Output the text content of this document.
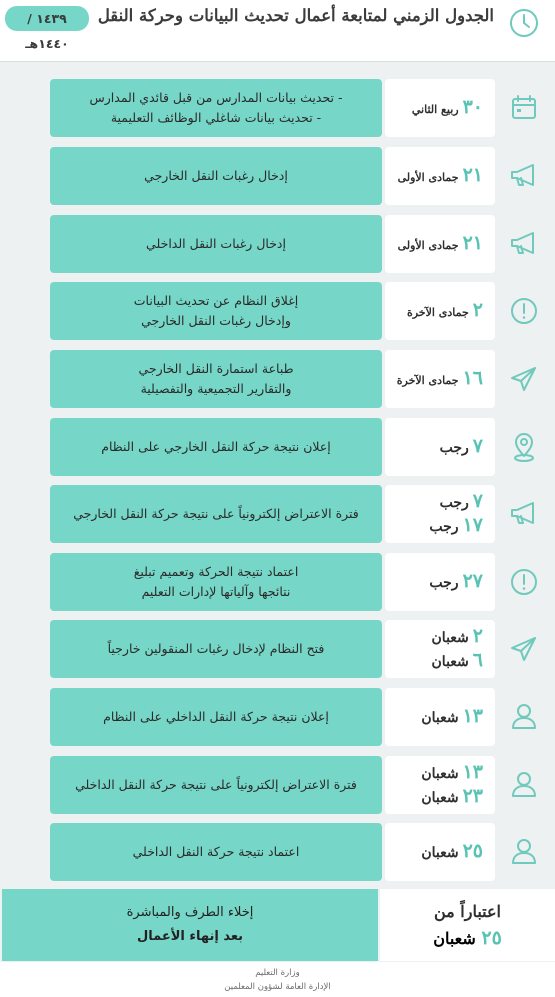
الجدول الزمني لمتابعة أعمال تحديث البيانات وحركة النقل
١٤٣٩ / ١٤٤٠هـ
٣٠ربيع الثاني
- تحديث بيانات المدارس من قبل قائدي المدارس
- تحديث بيانات شاغلي الوظائف التعليمية
٢١جمادى الأولى
إدخال رغبات النقل الخارجي
٢١جمادى الأولى
إدخال رغبات النقل الداخلي
٢جمادى الآخرة
إغلاق النظام عن تحديث البيانات
وإدخال رغبات النقل الخارجي
١٦جمادى الآخرة
طباعة استمارة النقل الخارجي
والتقارير التجميعية والتفصيلية
٧رجب
إعلان نتيجة حركة النقل الخارجي على النظام
٧رجب
١٧رجب
فترة الاعتراض إلكترونياً على نتيجة حركة النقل الخارجي
٢٧رجب
اعتماد نتيجة الحركة وتعميم تبليغ
نتائجها وآلياتها لإدارات التعليم
٢شعبان
٦شعبان
فتح النظام لإدخال رغبات المنقولين خارجياً
١٣شعبان
إعلان نتيجة حركة النقل الداخلي على النظام
١٣شعبان
٢٣شعبان
فترة الاعتراض إلكترونياً على نتيجة حركة النقل الداخلي
٢٥شعبان
اعتماد نتيجة حركة النقل الداخلي
إخلاء الطرف والمباشرة
بعد إنهاء الأعمال
اعتباراً من
٢٥ شعبان
وزارة التعليم
الإدارة العامة لشؤون المعلمين
